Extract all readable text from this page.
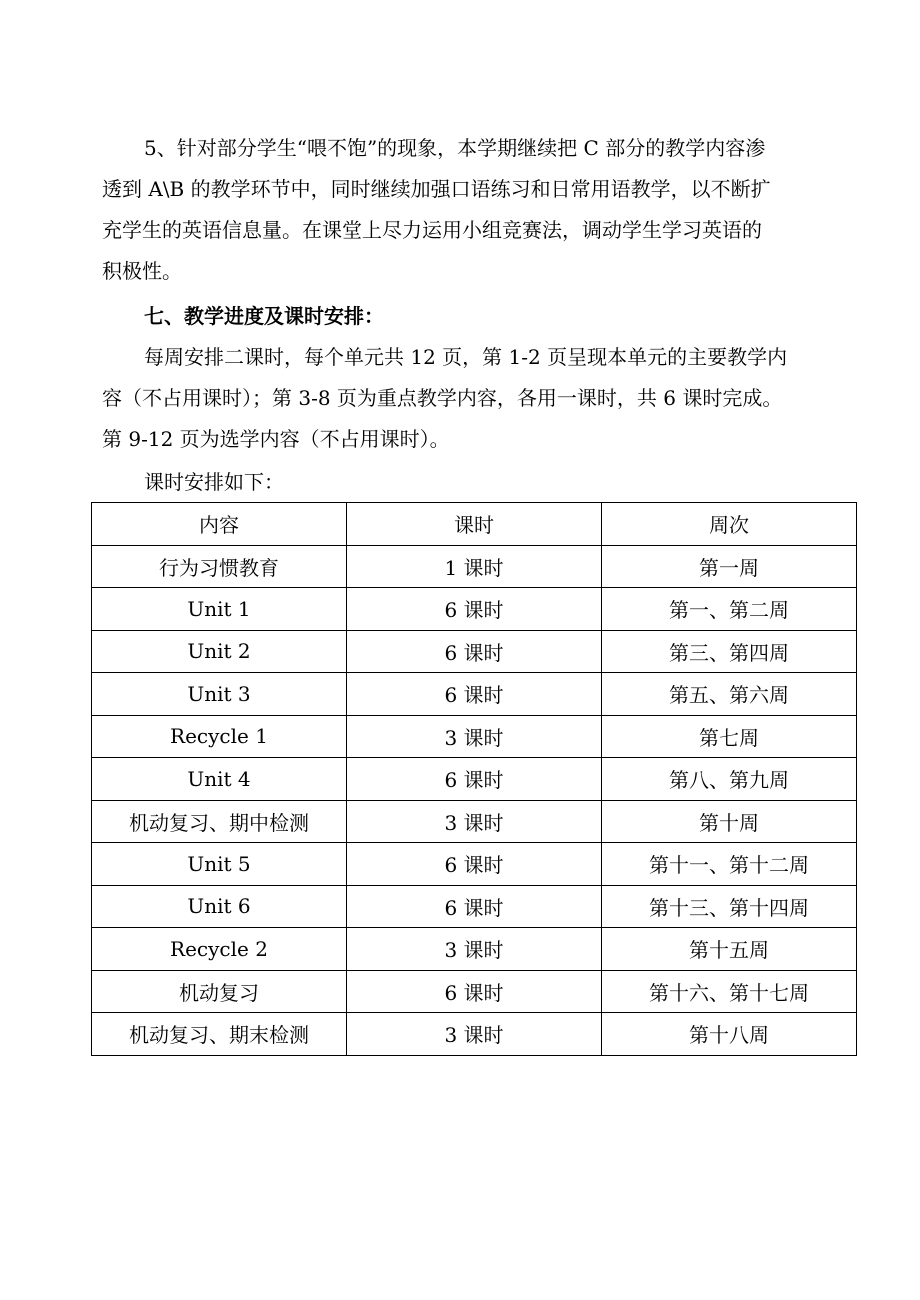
5、针对部分学生“喂不饱”的现象，本学期继续把 C 部分的教学内容渗
透到 A\B 的教学环节中，同时继续加强口语练习和日常用语教学，以不断扩
充学生的英语信息量。在课堂上尽力运用小组竞赛法，调动学生学习英语的
积极性。
七、教学进度及课时安排：
每周安排二课时，每个单元共 12 页，第 1-2 页呈现本单元的主要教学内
容（不占用课时）；第 3-8 页为重点教学内容，各用一课时，共 6 课时完成。
第 9-12 页为选学内容（不占用课时）。
课时安排如下：
内容	课时	周次
行为习惯教育	1 课时	第一周
Unit 1	6 课时	第一、第二周
Unit 2	6 课时	第三、第四周
Unit 3	6 课时	第五、第六周
Recycle 1	3 课时	第七周
Unit 4	6 课时	第八、第九周
机动复习、期中检测	3 课时	第十周
Unit 5	6 课时	第十一、第十二周
Unit 6	6 课时	第十三、第十四周
Recycle 2	3 课时	第十五周
机动复习	6 课时	第十六、第十七周
机动复习、期末检测	3 课时	第十八周
